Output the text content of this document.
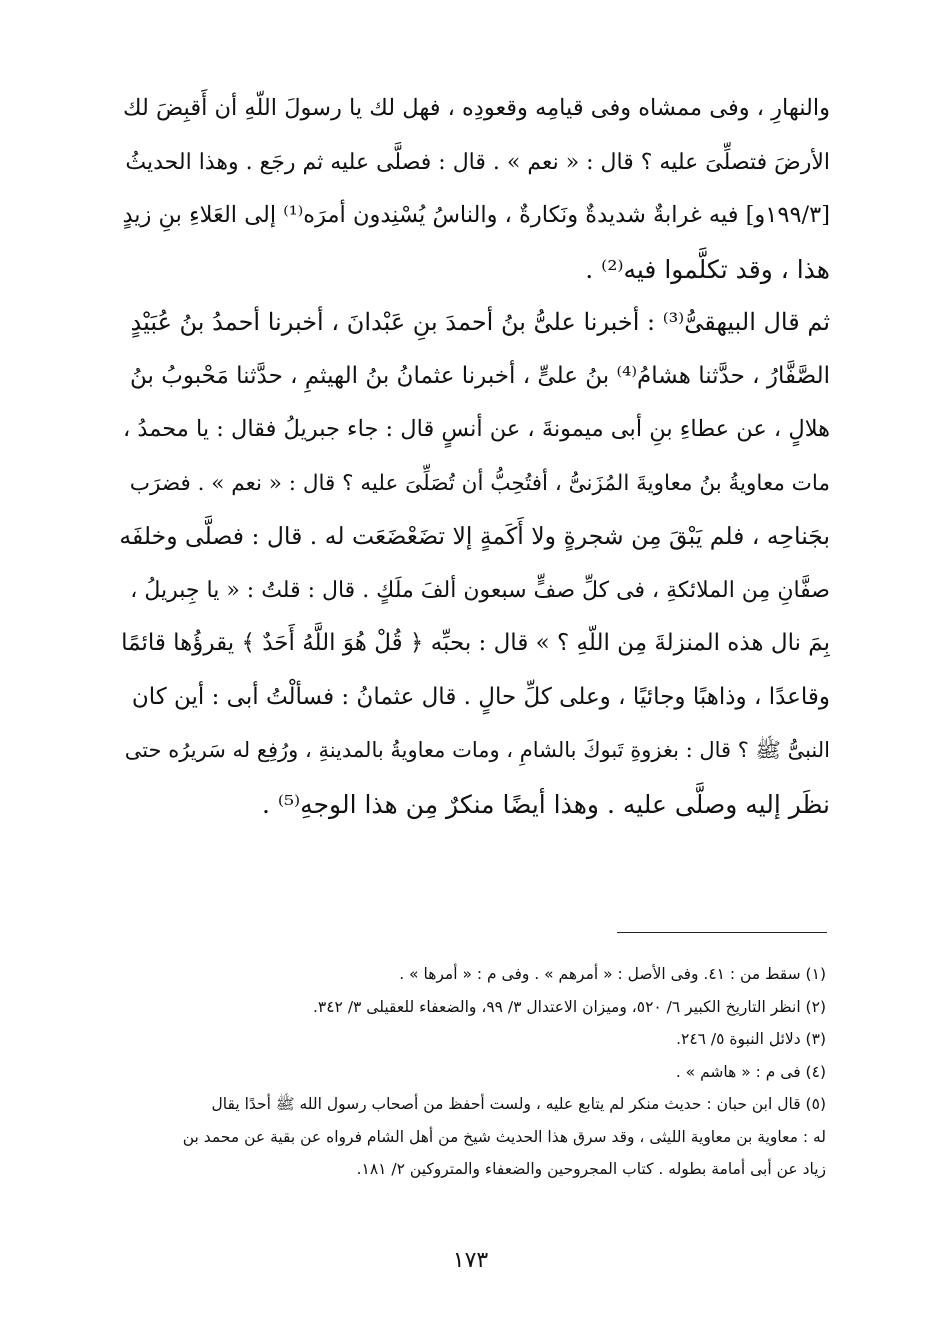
والنهارِ ، وفى ممشاه وفى قيامِه وقعودِه ، فهل لك يا رسولَ اللّهِ أن أَقبِضَ لك
الأرضَ فتصلِّىَ عليه ؟ قال : « نعم » . قال : فصلَّى عليه ثم رجَع . وهذا الحديثُ
[١٩٩/٣و] فيه غرابةٌ شديدةٌ ونَكارةٌ ، والناسُ يُسْنِدون أمرَه⁽¹⁾ إلى العَلاءِ بنِ زيدٍ
هذا ، وقد تكلَّموا فيه⁽²⁾ .
ثم قال البيهقىُّ⁽³⁾ : أخبرنا علىُّ بنُ أحمدَ بنِ عَبْدانَ ، أخبرنا أحمدُ بنُ عُبَيْدٍ
الصَّفَّارُ ، حدَّثنا هشامُ⁽⁴⁾ بنُ علىٍّ ، أخبرنا عثمانُ بنُ الهيثمِ ، حدَّثنا مَحْبوبُ بنُ
هلالٍ ، عن عطاءِ بنِ أبى ميمونةَ ، عن أنسٍ قال : جاء جبريلُ فقال : يا محمدُ ،
مات معاويةُ بنُ معاويةَ المُزَنىُّ ، أفتُحِبُّ أن تُصَلِّىَ عليه ؟ قال : « نعم » . فضرَب
بجَناحِه ، فلم يَبْقَ مِن شجرةٍ ولا أَكَمةٍ إلا تضَعْضَعَت له . قال : فصلَّى وخلفَه
صفَّانِ مِن الملائكةِ ، فى كلِّ صفٍّ سبعون ألفَ ملَكٍ . قال : قلتُ : « يا جِبريلُ ،
بِمَ نال هذه المنزلةَ مِن اللّهِ ؟ » قال : بحبِّه ﴿ قُلْ هُوَ اللَّهُ أَحَدٌ ﴾ يقرؤُها قائمًا
وقاعدًا ، وذاهبًا وجائيًا ، وعلى كلِّ حالٍ . قال عثمانُ : فسألْتُ أبى : أين كان
النبىُّ ﷺ ؟ قال : بغزوةِ تَبوكَ بالشامِ ، ومات معاويةُ بالمدينةِ ، ورُفِع له سَريرُه حتى
نظَر إليه وصلَّى عليه . وهذا أيضًا منكرٌ مِن هذا الوجهِ⁽⁵⁾ .
(١) سقط من : ٤١. وفى الأصل : « أمرهم » . وفى م : « أمرها » .
(٢) انظر التاريخ الكبير ٦/ ٥٢٠، وميزان الاعتدال ٣/ ٩٩، والضعفاء للعقيلى ٣/ ٣٤٢.
(٣) دلائل النبوة ٥/ ٢٤٦.
(٤) فى م : « هاشم » .
(٥) قال ابن حبان : حديث منكر لم يتابع عليه ، ولست أحفظ من أصحاب رسول الله ﷺ أحدًا يقال
له : معاوية بن معاوية الليثى ، وقد سرق هذا الحديث شيخ من أهل الشام فرواه عن بقية عن محمد بن
زياد عن أبى أمامة بطوله . كتاب المجروحين والضعفاء والمتروكين ٢/ ١٨١.
١٧٣
